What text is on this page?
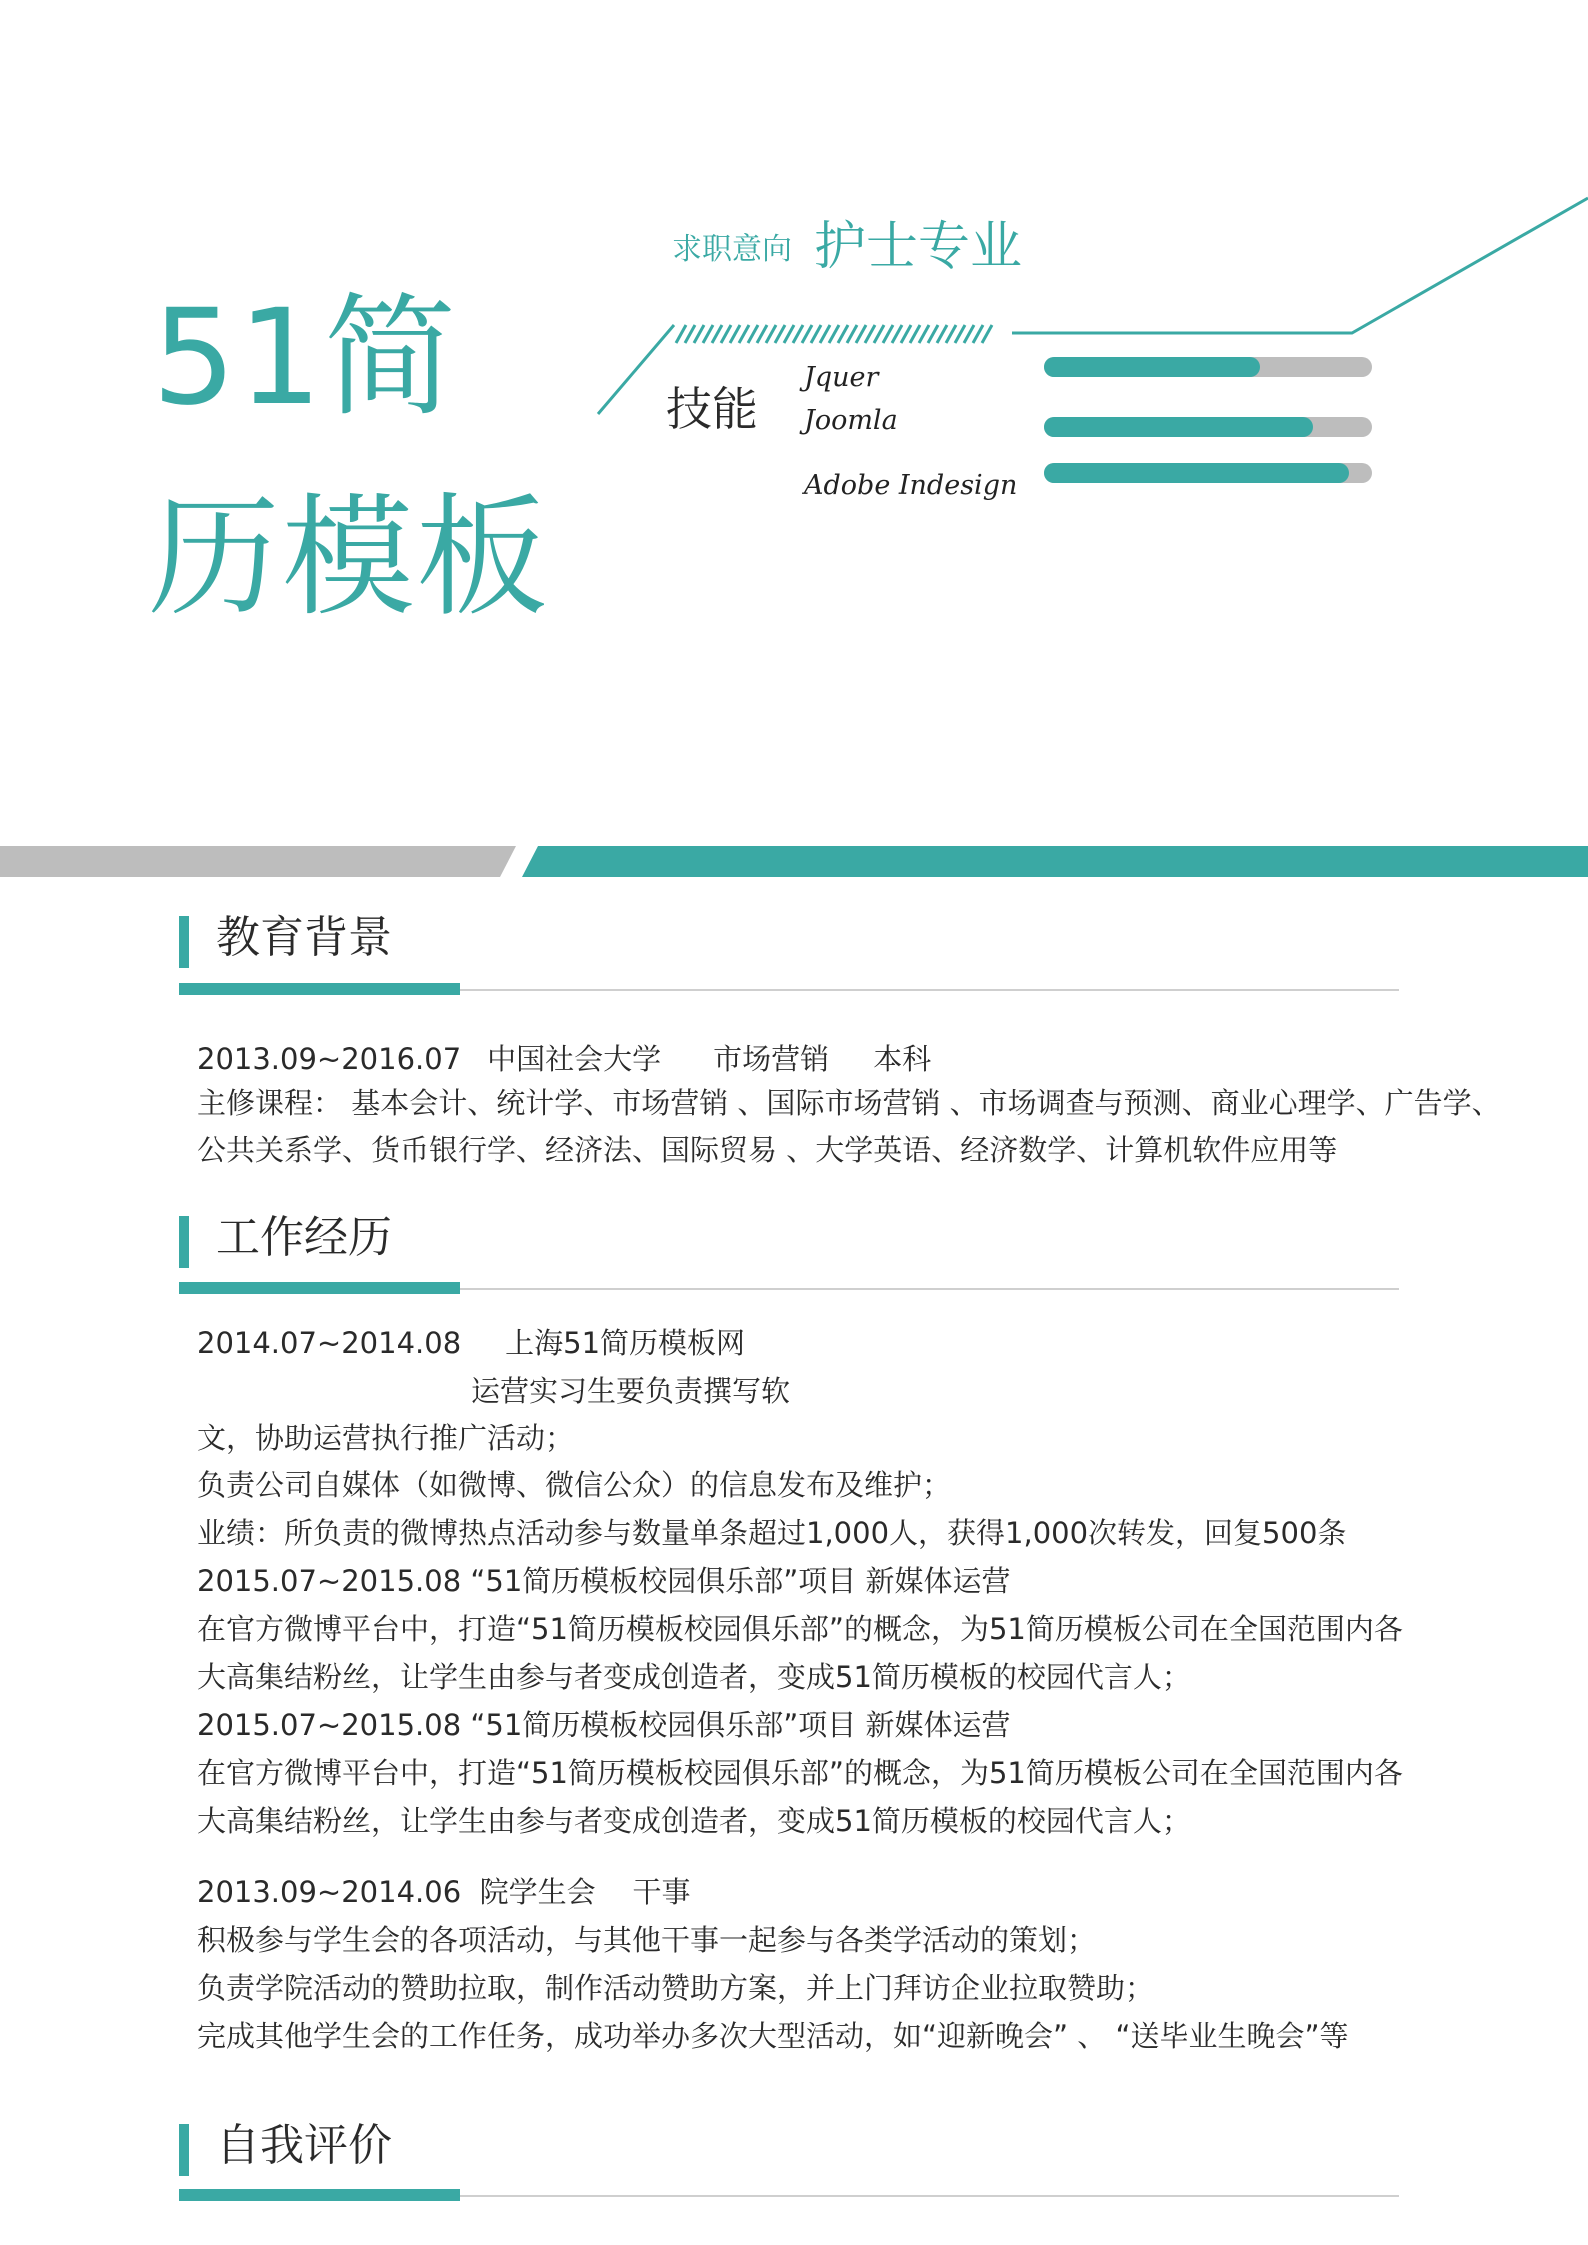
51简
历模板
求职意向 护士专业
技能
Jquer
Joomla
Adobe Indesign
教育背景
2013.09~2016.07 中国社会大学 市场营销 本科
主修课程： 基本会计、统计学、市场营销 、国际市场营销 、市场调查与预测、商业心理学、广告学、
公共关系学、货币银行学、经济法、国际贸易 、大学英语、经济数学、计算机软件应用等
工作经历
2014.07~2014.08 上海51简历模板网
运营实习生要负责撰写软
文，协助运营执行推广活动；
负责公司自媒体（如微博、微信公众）的信息发布及维护；
业绩：所负责的微博热点活动参与数量单条超过1,000人，获得1,000次转发，回复500条
2015.07~2015.08 “51简历模板校园俱乐部”项目 新媒体运营
在官方微博平台中，打造“51简历模板校园俱乐部”的概念，为51简历模板公司在全国范围内各
大高集结粉丝，让学生由参与者变成创造者，变成51简历模板的校园代言人；
2015.07~2015.08 “51简历模板校园俱乐部”项目 新媒体运营
在官方微博平台中，打造“51简历模板校园俱乐部”的概念，为51简历模板公司在全国范围内各
大高集结粉丝，让学生由参与者变成创造者，变成51简历模板的校园代言人；
2013.09~2014.06  院学生会    干事
积极参与学生会的各项活动，与其他干事一起参与各类学活动的策划；
负责学院活动的赞助拉取，制作活动赞助方案，并上门拜访企业拉取赞助；
完成其他学生会的工作任务，成功举办多次大型活动，如“迎新晚会” 、 “送毕业生晚会”等
自我评价
